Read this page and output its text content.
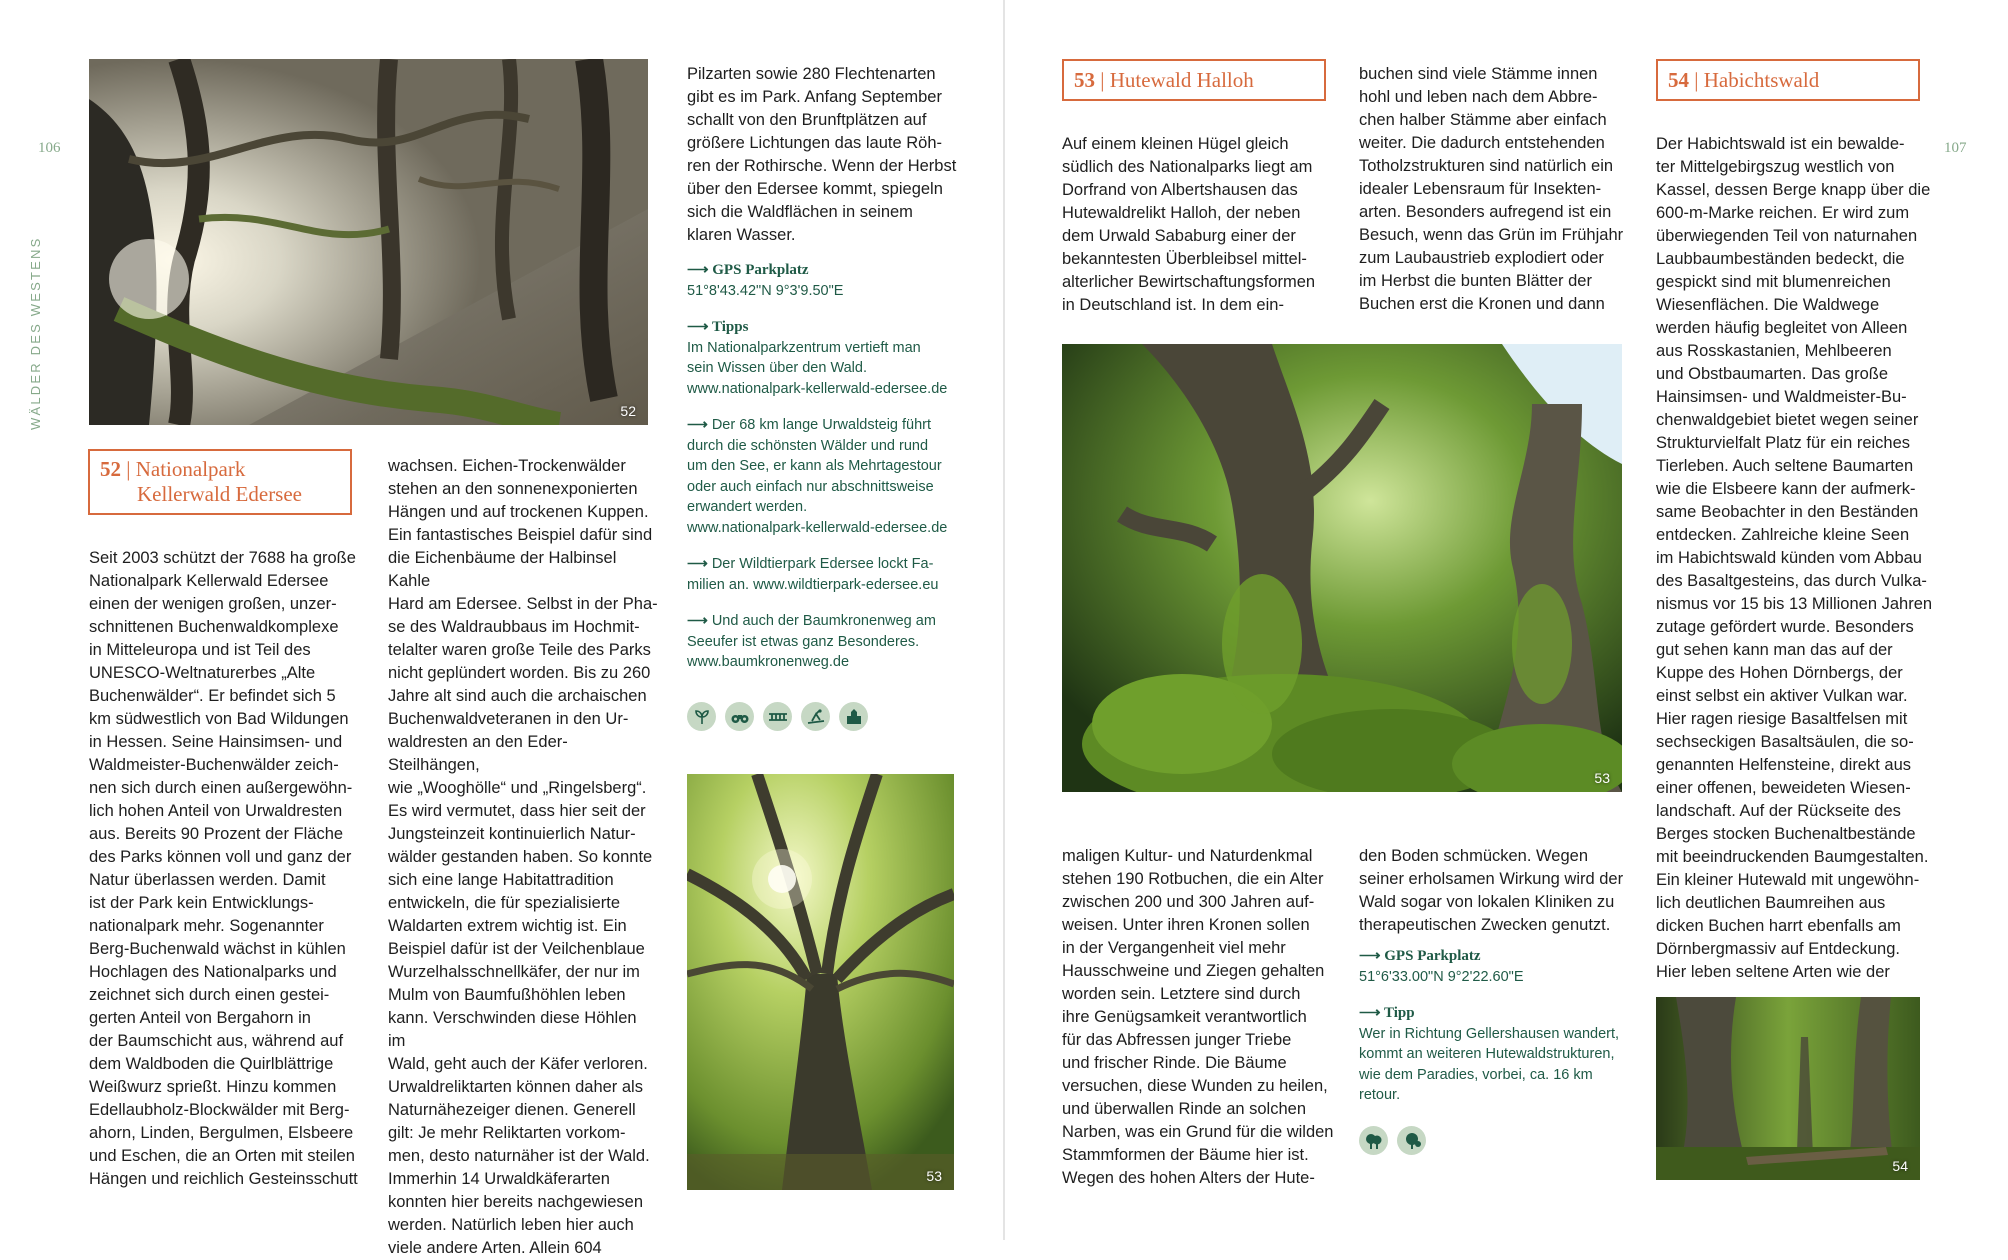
106	107
WÄLDER DES WESTENS	52
52 | Nationalpark
Kellerwald Edersee

Seit 2003 schützt der 7688 ha große

Nationalpark Kellerwald Edersee

einen der wenigen großen, unzer-

schnittenen Buchenwaldkomplexe

in Mitteleuropa und ist Teil des

UNESCO-Weltnaturerbes „Alte

Buchenwälder“. Er befindet sich 5

km südwestlich von Bad Wildungen

in Hessen. Seine Hainsimsen- und

Waldmeister-Buchenwälder zeich-

nen sich durch einen außergewöhn-

lich hohen Anteil von Urwaldresten

aus. Bereits 90 Prozent der Fläche

des Parks können voll und ganz der

Natur überlassen werden. Damit

ist der Park kein Entwicklungs-

nationalpark mehr. Sogenannter

Berg-Buchenwald wächst in kühlen

Hochlagen des Nationalparks und

zeichnet sich durch einen gestei-

gerten Anteil von Bergahorn in

der Baumschicht aus, während auf

dem Waldboden die Quirlblättrige

Weißwurz sprießt. Hinzu kommen

Edellaubholz-Blockwälder mit Berg-

ahorn, Linden, Bergulmen, Elsbeere

und Eschen, die an Orten mit steilen

Hängen und reichlich Gesteinsschutt

wachsen. Eichen-Trockenwälder

stehen an den sonnenexponierten

Hängen und auf trockenen Kuppen.

Ein fantastisches Beispiel dafür sind

die Eichenbäume der Halbinsel Kahle

Hard am Edersee. Selbst in der Pha-

se des Waldraubbaus im Hochmit-

telalter waren große Teile des Parks

nicht geplündert worden. Bis zu 260

Jahre alt sind auch die archaischen

Buchenwaldveteranen in den Ur-

waldresten an den Eder-Steilhängen,

wie „Wooghölle“ und „Ringelsberg“.

Es wird vermutet, dass hier seit der

Jungsteinzeit kontinuierlich Natur-

wälder gestanden haben. So konnte

sich eine lange Habitattradition

entwickeln, die für spezialisierte

Waldarten extrem wichtig ist. Ein

Beispiel dafür ist der Veilchenblaue

Wurzelhalsschnellkäfer, der nur im

Mulm von Baumfußhöhlen leben

kann. Verschwinden diese Höhlen im

Wald, geht auch der Käfer verloren.

Urwaldreliktarten können daher als

Naturnähezeiger dienen. Generell

gilt: Je mehr Reliktarten vorkom-

men, desto naturnäher ist der Wald.

Immerhin 14 Urwaldkäferarten

konnten hier bereits nachgewiesen

werden. Natürlich leben hier auch

viele andere Arten. Allein 604

Pilzarten sowie 280 Flechtenarten

gibt es im Park. Anfang September

schallt von den Brunftplätzen auf

größere Lichtungen das laute Röh-

ren der Rothirsche. Wenn der Herbst

über den Edersee kommt, spiegeln

sich die Waldflächen in seinem

klaren Wasser.

⟶ GPS Parkplatz

51°8'43.42"N 9°3'9.50"E

⟶ Tipps

Im Nationalparkzentrum vertieft man

sein Wissen über den Wald.

www.nationalpark-kellerwald-edersee.de

⟶ Der 68 km lange Urwaldsteig führt

durch die schönsten Wälder und rund

um den See, er kann als Mehrtagestour

oder auch einfach nur abschnittsweise

erwandert werden.

www.nationalpark-kellerwald-edersee.de

⟶ Der Wildtierpark Edersee lockt Fa-

milien an. www.wildtierpark-edersee.eu

⟶ Und auch der Baumkronenweg am

Seeufer ist etwas ganz Besonderes.

www.baumkronenweg.de

53
53 | Hutewald Halloh

Auf einem kleinen Hügel gleich

südlich des Nationalparks liegt am

Dorfrand von Albertshausen das

Hutewaldrelikt Halloh, der neben

dem Urwald Sababurg einer der

bekanntesten Überbleibsel mittel-

alterlicher Bewirtschaftungsformen

in Deutschland ist. In dem ein-

buchen sind viele Stämme innen

hohl und leben nach dem Abbre-

chen halber Stämme aber einfach

weiter. Die dadurch entstehenden

Totholzstrukturen sind natürlich ein

idealer Lebensraum für Insekten-

arten. Besonders aufregend ist ein

Besuch, wenn das Grün im Frühjahr

zum Laubaustrieb explodiert oder

im Herbst die bunten Blätter der

Buchen erst die Kronen und dann

53

maligen Kultur- und Naturdenkmal

stehen 190 Rotbuchen, die ein Alter

zwischen 200 und 300 Jahren auf-

weisen. Unter ihren Kronen sollen

in der Vergangenheit viel mehr

Hausschweine und Ziegen gehalten

worden sein. Letztere sind durch

ihre Genügsamkeit verantwortlich

für das Abfressen junger Triebe

und frischer Rinde. Die Bäume

versuchen, diese Wunden zu heilen,

und überwallen Rinde an solchen

Narben, was ein Grund für die wilden

Stammformen der Bäume hier ist.

Wegen des hohen Alters der Hute-

den Boden schmücken. Wegen

seiner erholsamen Wirkung wird der

Wald sogar von lokalen Kliniken zu

therapeutischen Zwecken genutzt.

⟶ GPS Parkplatz

51°6'33.00"N 9°2'22.60"E

⟶ Tipp

Wer in Richtung Gellershausen wandert,

kommt an weiteren Hutewaldstrukturen,

wie dem Paradies, vorbei, ca. 16 km

retour.

54 | Habichtswald

Der Habichtswald ist ein bewalde-

ter Mittelgebirgszug westlich von

Kassel, dessen Berge knapp über die

600-m-Marke reichen. Er wird zum

überwiegenden Teil von naturnahen

Laubbaumbeständen bedeckt, die

gespickt sind mit blumenreichen

Wiesenflächen. Die Waldwege

werden häufig begleitet von Alleen

aus Rosskastanien, Mehlbeeren

und Obstbaumarten. Das große

Hainsimsen- und Waldmeister-Bu-

chenwaldgebiet bietet wegen seiner

Strukturvielfalt Platz für ein reiches

Tierleben. Auch seltene Baumarten

wie die Elsbeere kann der aufmerk-

same Beobachter in den Beständen

entdecken. Zahlreiche kleine Seen

im Habichtswald künden vom Abbau

des Basaltgesteins, das durch Vulka-

nismus vor 15 bis 13 Millionen Jahren

zutage gefördert wurde. Besonders

gut sehen kann man das auf der

Kuppe des Hohen Dörnbergs, der

einst selbst ein aktiver Vulkan war.

Hier ragen riesige Basaltfelsen mit

sechseckigen Basaltsäulen, die so-

genannten Helfensteine, direkt aus

einer offenen, beweideten Wiesen-

landschaft. Auf der Rückseite des

Berges stocken Buchenaltbestände

mit beeindruckenden Baumgestalten.

Ein kleiner Hutewald mit ungewöhn-

lich deutlichen Baumreihen aus

dicken Buchen harrt ebenfalls am

Dörnbergmassiv auf Entdeckung.

Hier leben seltene Arten wie der

54
